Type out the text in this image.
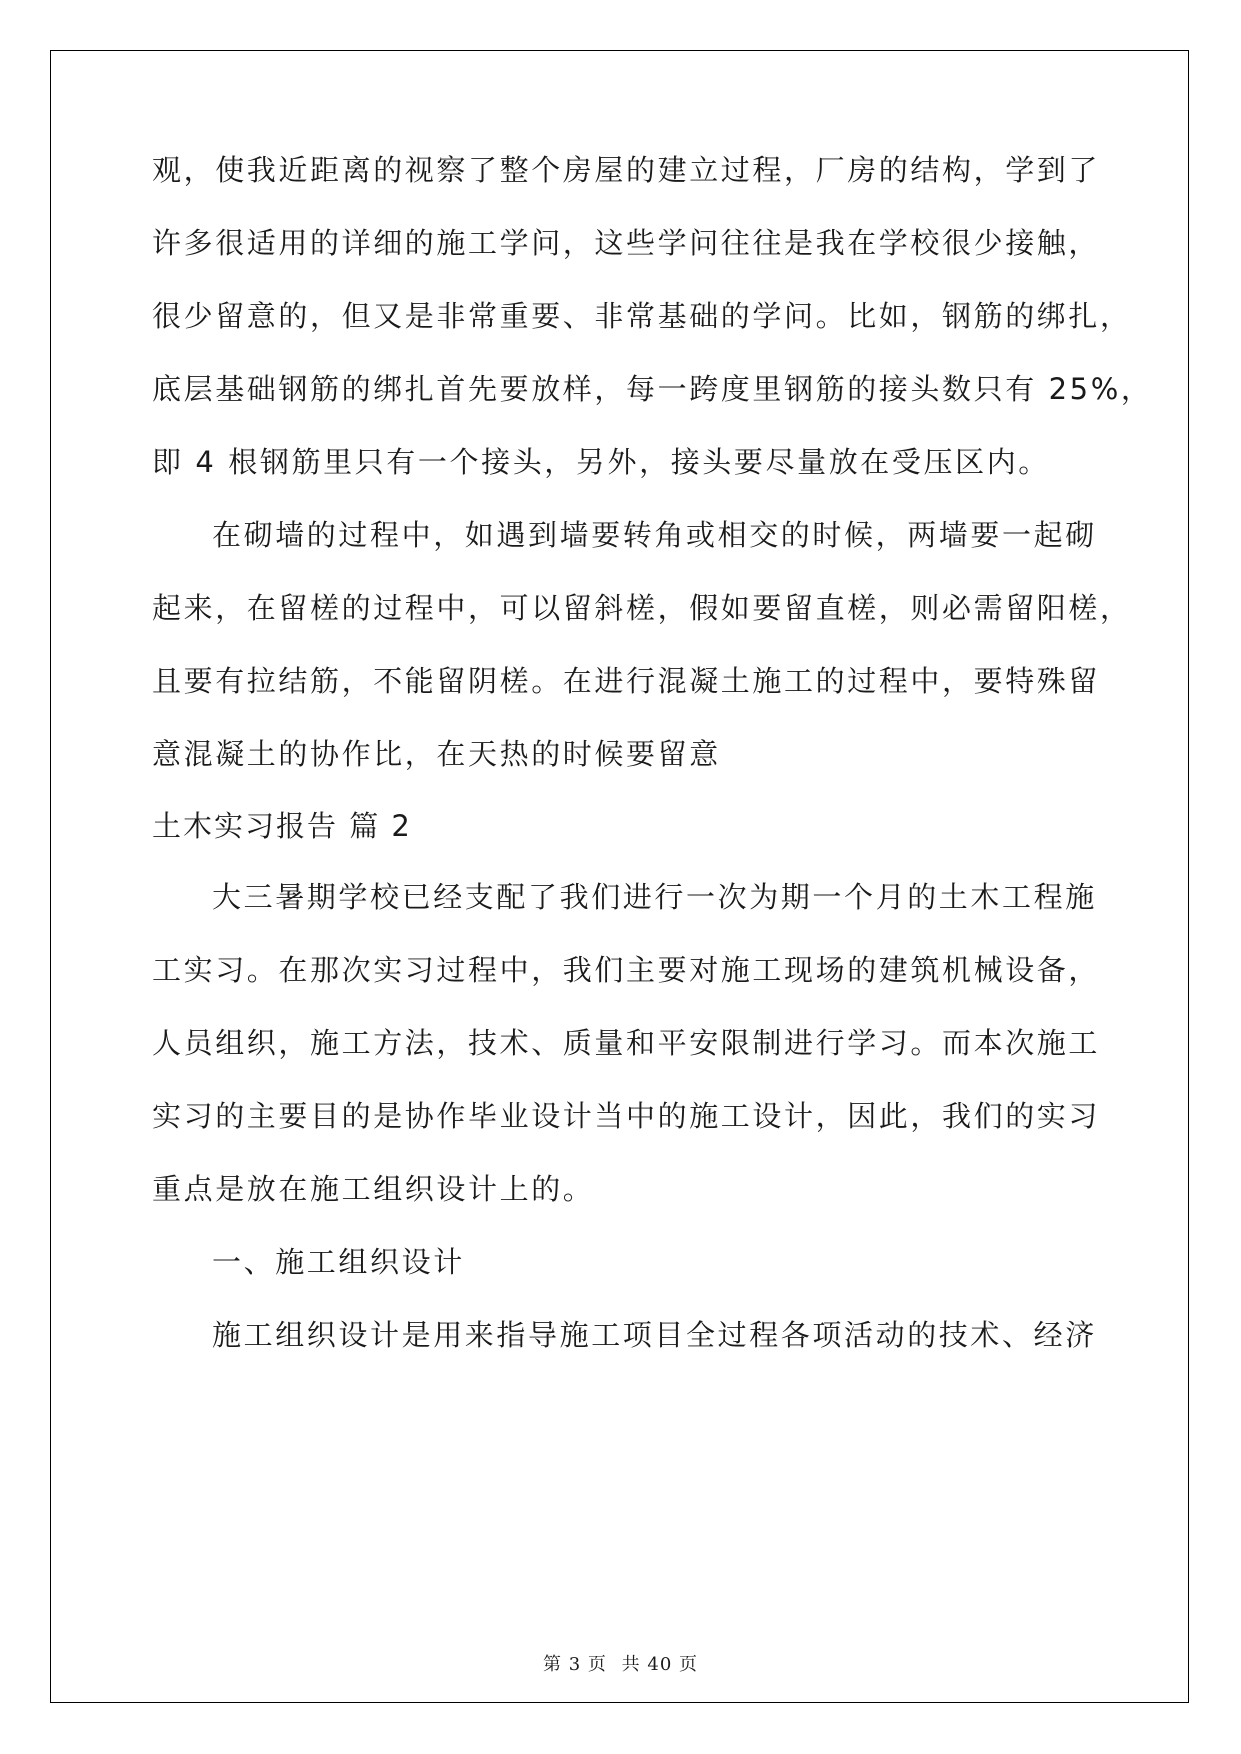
观，使我近距离的视察了整个房屋的建立过程，厂房的结构，学到了
许多很适用的详细的施工学问，这些学问往往是我在学校很少接触，
很少留意的，但又是非常重要、非常基础的学问。比如，钢筋的绑扎，
底层基础钢筋的绑扎首先要放样，每一跨度里钢筋的接头数只有 25%，
即 4 根钢筋里只有一个接头，另外，接头要尽量放在受压区内。
在砌墙的过程中，如遇到墙要转角或相交的时候，两墙要一起砌
起来，在留槎的过程中，可以留斜槎，假如要留直槎，则必需留阳槎，
且要有拉结筋，不能留阴槎。在进行混凝土施工的过程中，要特殊留
意混凝土的协作比，在天热的时候要留意
土木实习报告 篇 2
大三暑期学校已经支配了我们进行一次为期一个月的土木工程施
工实习。在那次实习过程中，我们主要对施工现场的建筑机械设备，
人员组织，施工方法，技术、质量和平安限制进行学习。而本次施工
实习的主要目的是协作毕业设计当中的施工设计，因此，我们的实习
重点是放在施工组织设计上的。
一、施工组织设计
施工组织设计是用来指导施工项目全过程各项活动的技术、经济
第 3 页 共 40 页
